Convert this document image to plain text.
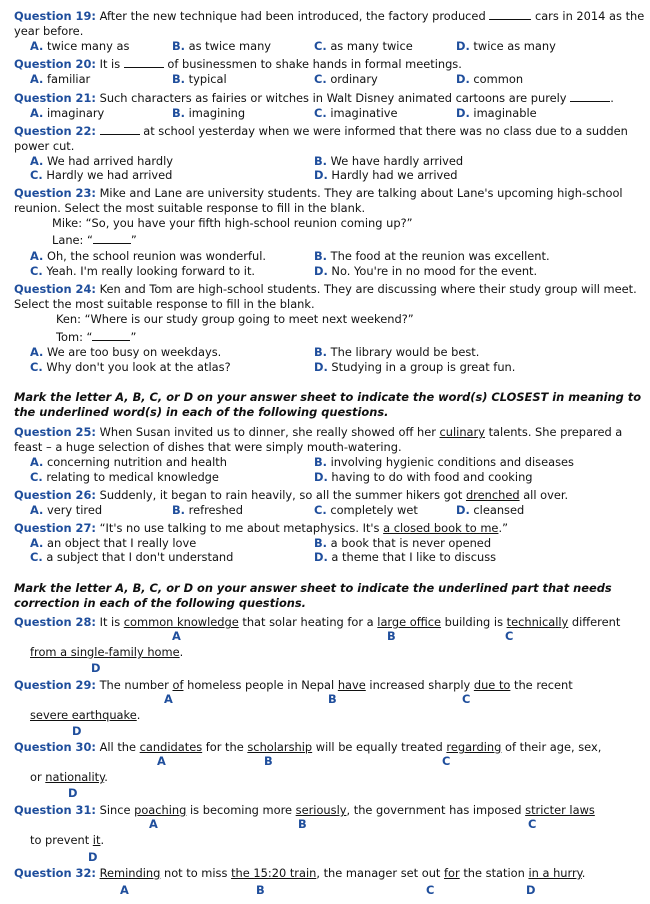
Question 19: After the new technique had been introduced, the factory produced	cars in 2014 as the
year before.
A. twice many as	B. as twice many	C. as many twice	D. twice as many
Question 20: It is	of businessmen to shake hands in formal meetings.
A. familiar	B. typical	C. ordinary	D. common
Question 21: Such characters as fairies or witches in Walt Disney animated cartoons are purely	.
A. imaginary	B. imagining	C. imaginative	D. imaginable
Question 22:	at school yesterday when we were informed that there was no class due to a sudden
power cut.
A. We had arrived hardly	B. We have hardly arrived
C. Hardly we had arrived	D. Hardly had we arrived
Question 23: Mike and Lane are university students. They are talking about Lane's upcoming high-school
reunion. Select the most suitable response to fill in the blank.
Mike: “So, you have your fifth high-school reunion coming up?”
Lane: “	”
A. Oh, the school reunion was wonderful.	B. The food at the reunion was excellent.
C. Yeah. I'm really looking forward to it.	D. No. You're in no mood for the event.
Question 24: Ken and Tom are high-school students. They are discussing where their study group will meet.
Select the most suitable response to fill in the blank.
Ken: “Where is our study group going to meet next weekend?”
Tom: “	”
A. We are too busy on weekdays.	B. The library would be best.
C. Why don't you look at the atlas?	D. Studying in a group is great fun.
Mark the letter A, B, C, or D on your answer sheet to indicate the word(s) CLOSEST in meaning to
the underlined word(s) in each of the following questions.
Question 25: When Susan invited us to dinner, she really showed off her culinary talents. She prepared a
feast – a huge selection of dishes that were simply mouth-watering.
A. concerning nutrition and health	B. involving hygienic conditions and diseases
C. relating to medical knowledge	D. having to do with food and cooking
Question 26: Suddenly, it began to rain heavily, so all the summer hikers got drenched all over.
A. very tired	B. refreshed	C. completely wet	D. cleansed
Question 27: “It's no use talking to me about metaphysics. It's a closed book to me.”
A. an object that I really love	B. a book that is never opened
C. a subject that I don't understand	D. a theme that I like to discuss
Mark the letter A, B, C, or D on your answer sheet to indicate the underlined part that needs
correction in each of the following questions.
Question 28: It is common knowledge that solar heating for a large office building is technically different
A	B	C
from a single-family home.
D
Question 29: The number of homeless people in Nepal have increased sharply due to the recent
A	B	C
severe earthquake.
D
Question 30: All the candidates for the scholarship will be equally treated regarding of their age, sex,
A	B	C
or nationality.
D
Question 31: Since poaching is becoming more seriously, the government has imposed stricter laws
A	B	C
to prevent it.
D
Question 32: Reminding not to miss the 15:20 train, the manager set out for the station in a hurry.
A	B	C	D
